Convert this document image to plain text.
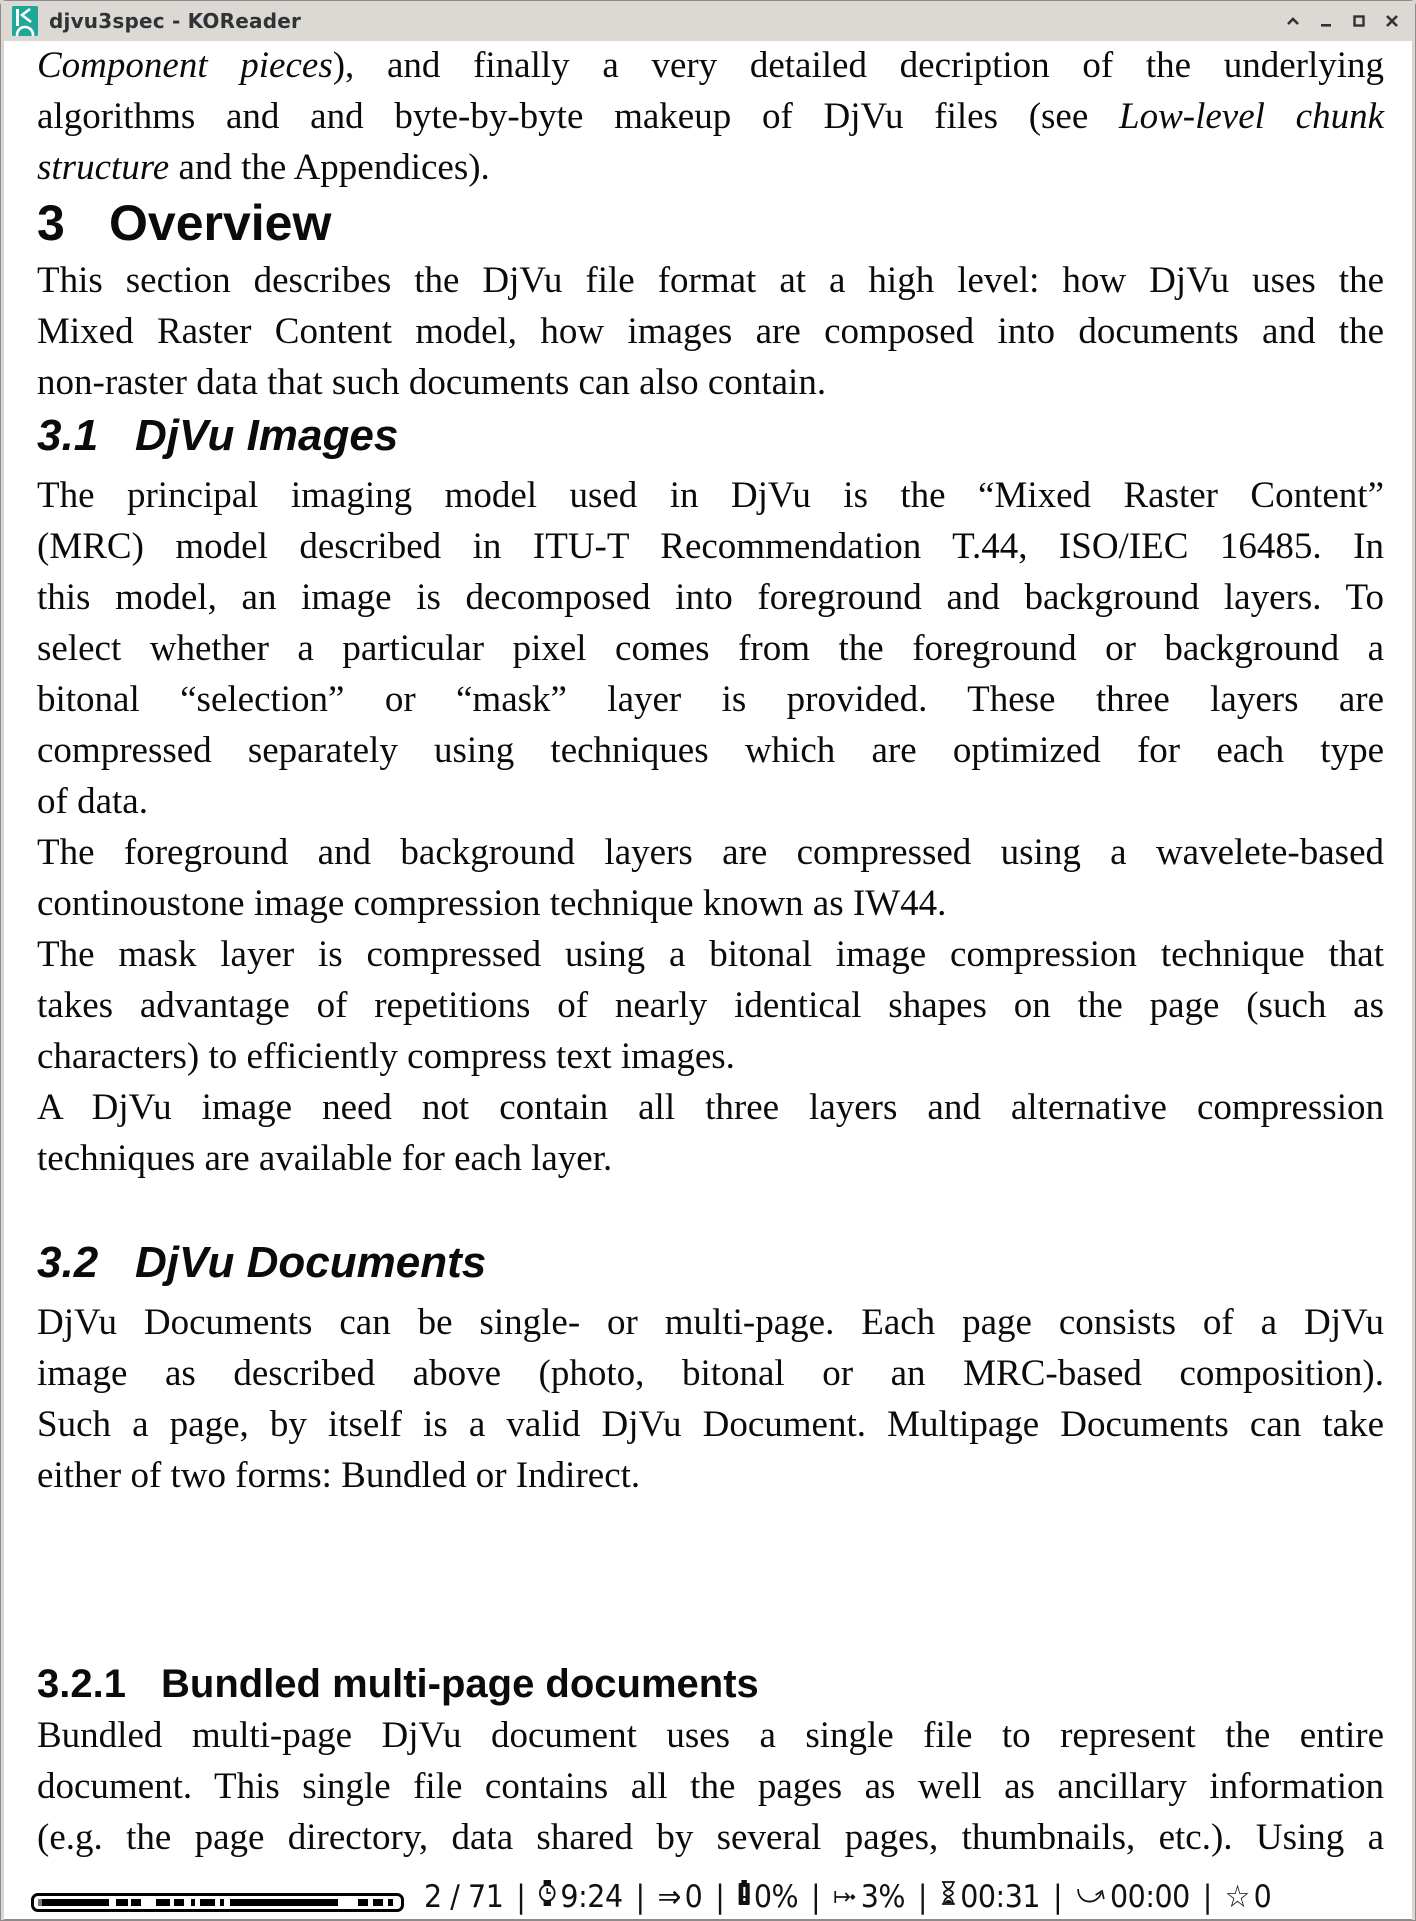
djvu3spec - KOReader
Component pieces), and finally a very detailed decription of the underlying
algorithms and and byte-by-byte makeup of DjVu files (see Low-level chunk
structure and the Appendices).
3 Overview
This section describes the DjVu file format at a high level: how DjVu uses the
Mixed Raster Content model, how images are composed into documents and the
non-raster data that such documents can also contain.
3.1 DjVu Images
The principal imaging model used in DjVu is the “Mixed Raster Content”
(MRC) model described in ITU-T Recommendation T.44, ISO/IEC 16485. In
this model, an image is decomposed into foreground and background layers. To
select whether a particular pixel comes from the foreground or background a
bitonal “selection” or “mask” layer is provided. These three layers are
compressed separately using techniques which are optimized for each type
of data.
The foreground and background layers are compressed using a wavelete-based
continoustone image compression technique known as IW44.
The mask layer is compressed using a bitonal image compression technique that
takes advantage of repetitions of nearly identical shapes on the page (such as
characters) to efficiently compress text images.
A DjVu image need not contain all three layers and alternative compression
techniques are available for each layer.
3.2 DjVu Documents
DjVu Documents can be single- or multi-page. Each page consists of a DjVu
image as described above (photo, bitonal or an MRC-based composition).
Such a page, by itself is a valid DjVu Document. Multipage Documents can take
either of two forms: Bundled or Indirect.
3.2.1 Bundled multi-page documents
Bundled multi-page DjVu document uses a single file to represent the entire
document. This single file contains all the pages as well as ancillary information
(e.g. the page directory, data shared by several pages, thumbnails, etc.). Using a
2 / 71 | 9:24 | ⇒ 0 | 0% | 3% | 00:31 | 00:00 | ☆ 0
